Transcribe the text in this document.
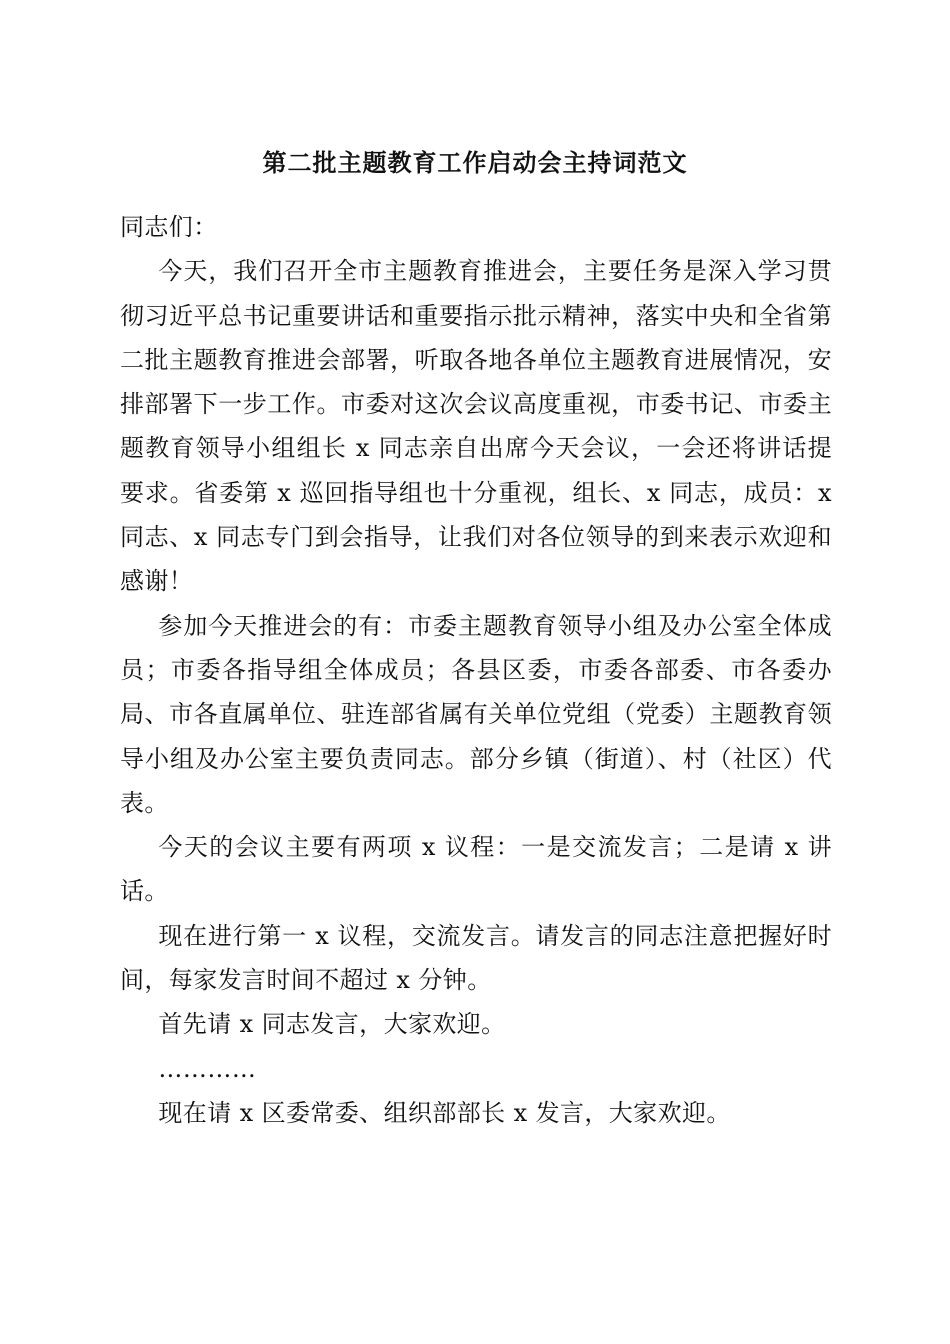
第二批主题教育工作启动会主持词范文

同志们：

今天，我们召开全市主题教育推进会，主要任务是深入学习贯彻习近平总书记重要讲话和重要指示批示精神，落实中央和全省第二批主题教育推进会部署，听取各地各单位主题教育进展情况，安排部署下一步工作。市委对这次会议高度重视，市委书记、市委主题教育领导小组组长 x 同志亲自出席今天会议，一会还将讲话提要求。省委第 x 巡回指导组也十分重视，组长、x 同志，成员：x 同志、x 同志专门到会指导，让我们对各位领导的到来表示欢迎和感谢！

参加今天推进会的有：市委主题教育领导小组及办公室全体成员；市委各指导组全体成员；各县区委，市委各部委、市各委办局、市各直属单位、驻连部省属有关单位党组（党委）主题教育领导小组及办公室主要负责同志。部分乡镇（街道）、村（社区）代表。

今天的会议主要有两项 x 议程：一是交流发言；二是请 x 讲话。

现在进行第一 x 议程，交流发言。请发言的同志注意把握好时间，每家发言时间不超过 x 分钟。

首先请 x 同志发言，大家欢迎。

…………

现在请 x 区委常委、组织部部长 x 发言，大家欢迎。
